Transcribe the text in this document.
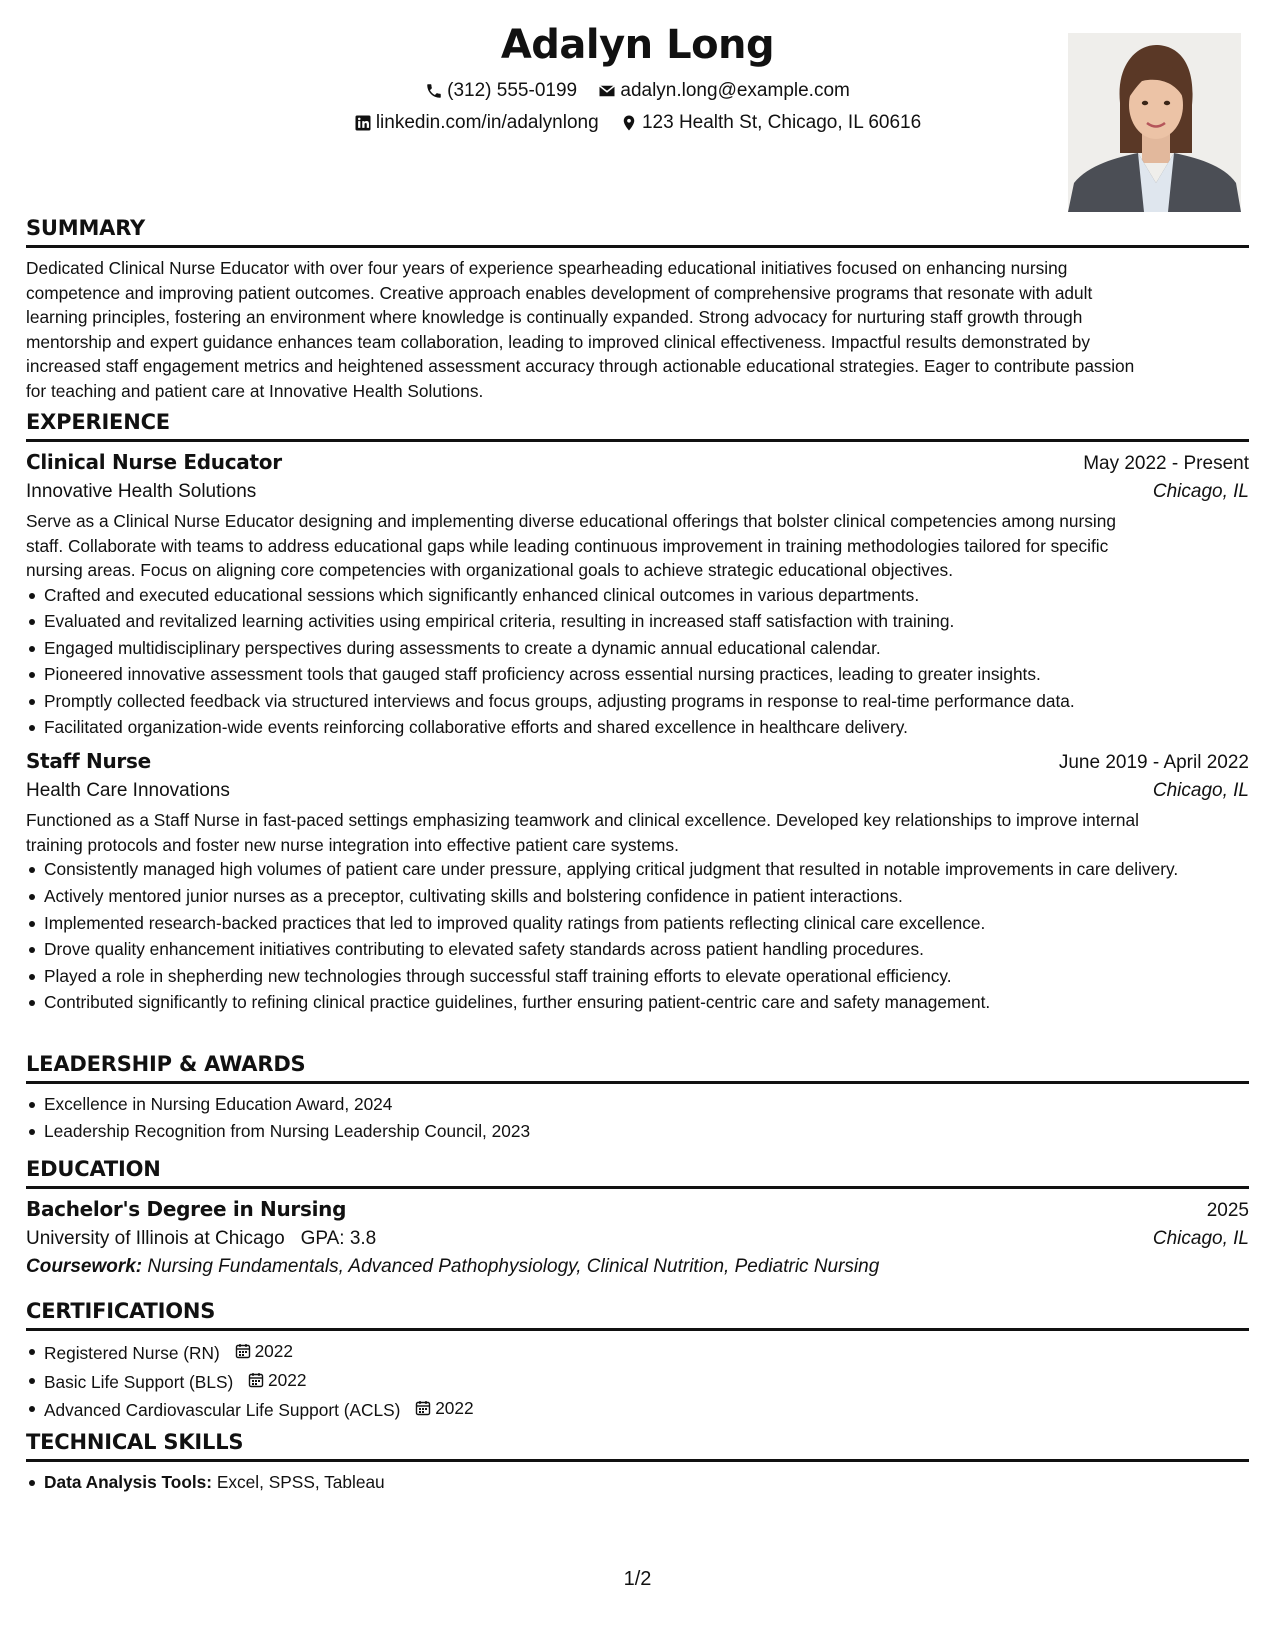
Adalyn Long
(312) 555-0199
adalyn.long@example.com
linkedin.com/in/adalynlong
123 Health St, Chicago, IL 60616
SUMMARY
Dedicated Clinical Nurse Educator with over four years of experience spearheading educational initiatives focused on enhancing nursing
competence and improving patient outcomes. Creative approach enables development of comprehensive programs that resonate with adult
learning principles, fostering an environment where knowledge is continually expanded. Strong advocacy for nurturing staff growth through
mentorship and expert guidance enhances team collaboration, leading to improved clinical effectiveness. Impactful results demonstrated by
increased staff engagement metrics and heightened assessment accuracy through actionable educational strategies. Eager to contribute passion
for teaching and patient care at Innovative Health Solutions.
EXPERIENCE
Clinical Nurse Educator	May 2022 - Present
Innovative Health Solutions	Chicago, IL
Serve as a Clinical Nurse Educator designing and implementing diverse educational offerings that bolster clinical competencies among nursing
staff. Collaborate with teams to address educational gaps while leading continuous improvement in training methodologies tailored for specific
nursing areas. Focus on aligning core competencies with organizational goals to achieve strategic educational objectives.
Crafted and executed educational sessions which significantly enhanced clinical outcomes in various departments.
Evaluated and revitalized learning activities using empirical criteria, resulting in increased staff satisfaction with training.
Engaged multidisciplinary perspectives during assessments to create a dynamic annual educational calendar.
Pioneered innovative assessment tools that gauged staff proficiency across essential nursing practices, leading to greater insights.
Promptly collected feedback via structured interviews and focus groups, adjusting programs in response to real-time performance data.
Facilitated organization-wide events reinforcing collaborative efforts and shared excellence in healthcare delivery.
Staff Nurse	June 2019 - April 2022
Health Care Innovations	Chicago, IL
Functioned as a Staff Nurse in fast-paced settings emphasizing teamwork and clinical excellence. Developed key relationships to improve internal
training protocols and foster new nurse integration into effective patient care systems.
Consistently managed high volumes of patient care under pressure, applying critical judgment that resulted in notable improvements in care delivery.
Actively mentored junior nurses as a preceptor, cultivating skills and bolstering confidence in patient interactions.
Implemented research-backed practices that led to improved quality ratings from patients reflecting clinical care excellence.
Drove quality enhancement initiatives contributing to elevated safety standards across patient handling procedures.
Played a role in shepherding new technologies through successful staff training efforts to elevate operational efficiency.
Contributed significantly to refining clinical practice guidelines, further ensuring patient-centric care and safety management.
LEADERSHIP & AWARDS
Excellence in Nursing Education Award, 2024
Leadership Recognition from Nursing Leadership Council, 2023
EDUCATION
Bachelor's Degree in Nursing	2025
University of Illinois at Chicago GPA: 3.8	Chicago, IL
Coursework: Nursing Fundamentals, Advanced Pathophysiology, Clinical Nutrition, Pediatric Nursing
CERTIFICATIONS
Registered Nurse (RN) 2022
Basic Life Support (BLS) 2022
Advanced Cardiovascular Life Support (ACLS) 2022
TECHNICAL SKILLS
Data Analysis Tools: Excel, SPSS, Tableau
1/2
